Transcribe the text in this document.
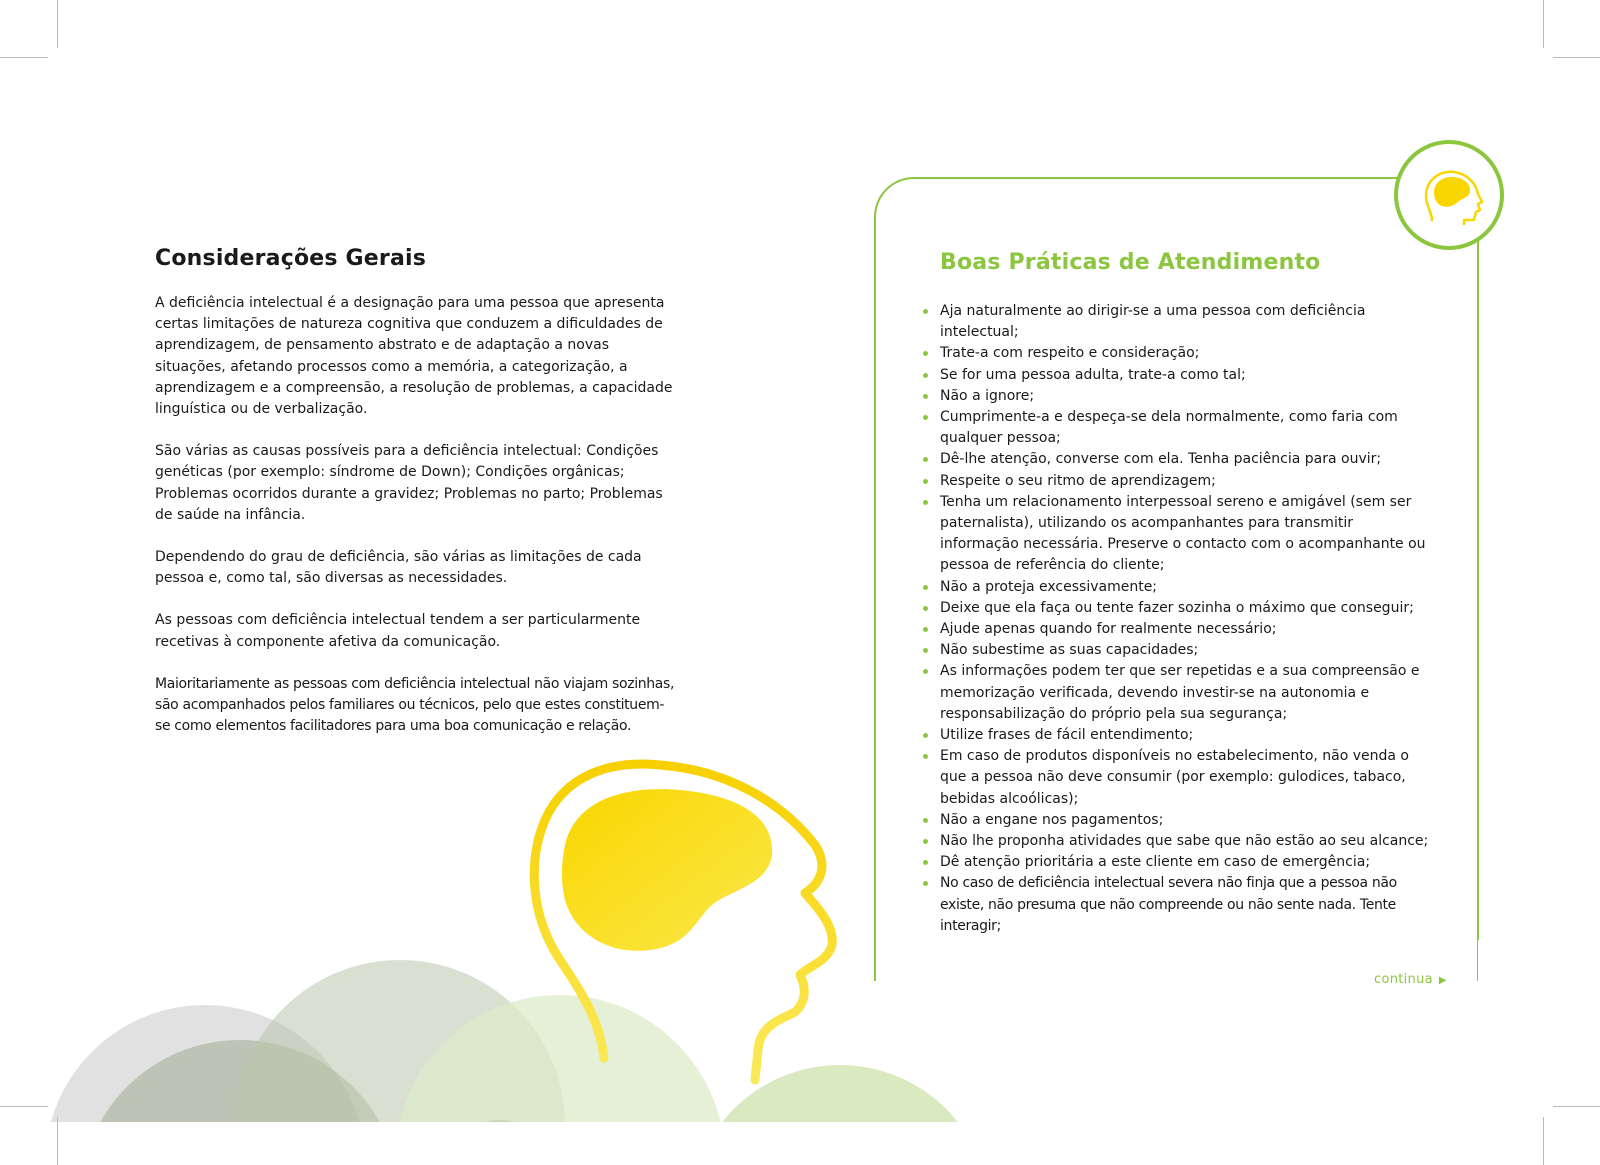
Considerações Gerais

A deficiência intelectual é a designação para uma pessoa que apresenta certas limitações de natureza cognitiva que conduzem a dificuldades de aprendizagem, de pensamento abstrato e de adaptação a novas situações, afetando processos como a memória, a categorização, a aprendizagem e a compreensão, a resolução de problemas, a capacidade linguística ou de verbalização.

São várias as causas possíveis para a deficiência intelectual: Condições genéticas (por exemplo: síndrome de Down); Condições orgânicas; Problemas ocorridos durante a gravidez; Problemas no parto; Problemas de saúde na infância.

Dependendo do grau de deficiência, são várias as limitações de cada pessoa e, como tal, são diversas as necessidades.

As pessoas com deficiência intelectual tendem a ser particularmente recetivas à componente afetiva da comunicação.

Maioritariamente as pessoas com deficiência intelectual não viajam sozinhas, são acompanhados pelos familiares ou técnicos, pelo que estes constituem-se como elementos facilitadores para uma boa comunicação e relação.

Boas Práticas de Atendimento
Aja naturalmente ao dirigir-se a uma pessoa com deficiência intelectual;
Trate-a com respeito e consideração;
Se for uma pessoa adulta, trate-a como tal;
Não a ignore;
Cumprimente-a e despeça-se dela normalmente, como faria com qualquer pessoa;
Dê-lhe atenção, converse com ela. Tenha paciência para ouvir;
Respeite o seu ritmo de aprendizagem;
Tenha um relacionamento interpessoal sereno e amigável (sem ser paternalista), utilizando os acompanhantes para transmitir informação necessária. Preserve o contacto com o acompanhante ou pessoa de referência do cliente;
Não a proteja excessivamente;
Deixe que ela faça ou tente fazer sozinha o máximo que conseguir;
Ajude apenas quando for realmente necessário;
Não subestime as suas capacidades;
As informações podem ter que ser repetidas e a sua compreensão e memorização verificada, devendo investir-se na autonomia e responsabilização do próprio pela sua segurança;
Utilize frases de fácil entendimento;
Em caso de produtos disponíveis no estabelecimento, não venda o que a pessoa não deve consumir (por exemplo: gulodices, tabaco, bebidas alcoólicas);
Não a engane nos pagamentos;
Não lhe proponha atividades que sabe que não estão ao seu alcance;
Dê atenção prioritária a este cliente em caso de emergência;
No caso de deficiência intelectual severa não finja que a pessoa não existe, não presuma que não compreende ou não sente nada. Tente interagir;
continua ▶
